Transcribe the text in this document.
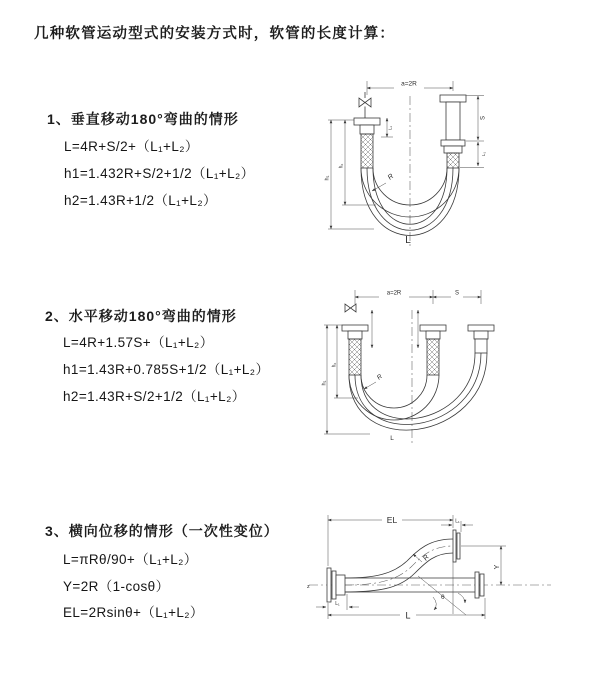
几种软管运动型式的安装方式时，软管的长度计算：
1、垂直移动180°弯曲的情形
L=4R+S/2+（L₁+L₂）
h1=1.432R+S/2+1/2（L₁+L₂）
h2=1.43R+1/2（L₁+L₂）
2、水平移动180°弯曲的情形
L=4R+1.57S+（L₁+L₂）
h1=1.43R+0.785S+1/2（L₁+L₂）
h2=1.43R+S/2+1/2（L₁+L₂）
3、横向位移的情形（一次性变位）
L=πRθ/90+（L₁+L₂）
Y=2R（1-cosθ）
EL=2Rsinθ+（L₁+L₂）
a=2R
h₁
h₂
S
L₁
L₁
R
L
a=2R	S
h₁
h₂
R
L
EL	L₁
Y
L
L₁
R
θ
z
